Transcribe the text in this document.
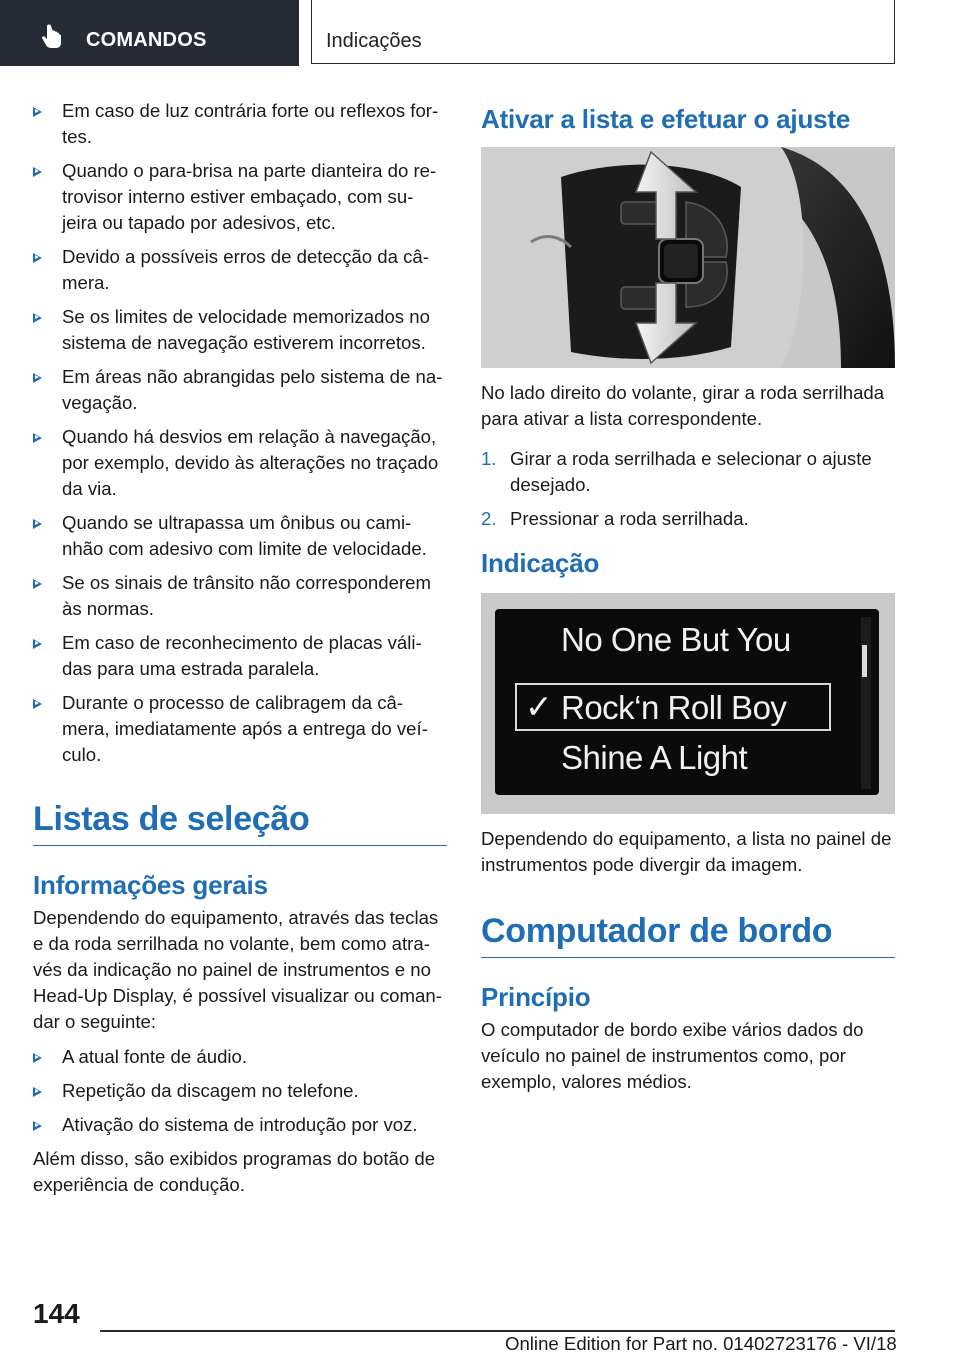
COMANDOS	Indicações
Em caso de luz contrária forte ou reflexos for‐ tes.
Quando o para-brisa na parte dianteira do re‐ trovisor interno estiver embaçado, com su‐ jeira ou tapado por adesivos, etc.
Devido a possíveis erros de detecção da câ‐ mera.
Se os limites de velocidade memorizados no sistema de navegação estiverem incorretos.
Em áreas não abrangidas pelo sistema de na‐ vegação.
Quando há desvios em relação à navegação, por exemplo, devido às alterações no traçado da via.
Quando se ultrapassa um ônibus ou cami‐ nhão com adesivo com limite de velocidade.
Se os sinais de trânsito não corresponderem às normas.
Em caso de reconhecimento de placas váli‐ das para uma estrada paralela.
Durante o processo de calibragem da câ‐ mera, imediatamente após a entrega do veí‐ culo.
Listas de seleção
Informações gerais

Dependendo do equipamento, através das teclas e da roda serrilhada no volante, bem como atra‐ vés da indicação no painel de instrumentos e no Head-Up Display, é possível visualizar ou coman‐ dar o seguinte:

A atual fonte de áudio.
Repetição da discagem no telefone.
Ativação do sistema de introdução por voz.

Além disso, são exibidos programas do botão de experiência de condução.

Ativar a lista e efetuar o ajuste

No lado direito do volante, girar a roda serrilhada para ativar a lista correspondente.

1. Girar a roda serrilhada e selecionar o ajuste desejado.
2. Pressionar a roda serrilhada.
Indicação
No One But You
✓ Rock‘n Roll Boy
Shine A Light

Dependendo do equipamento, a lista no painel de instrumentos pode divergir da imagem.

Computador de bordo
Princípio

O computador de bordo exibe vários dados do veículo no painel de instrumentos como, por exemplo, valores médios.

144
Online Edition for Part no. 01402723176 - VI/18
